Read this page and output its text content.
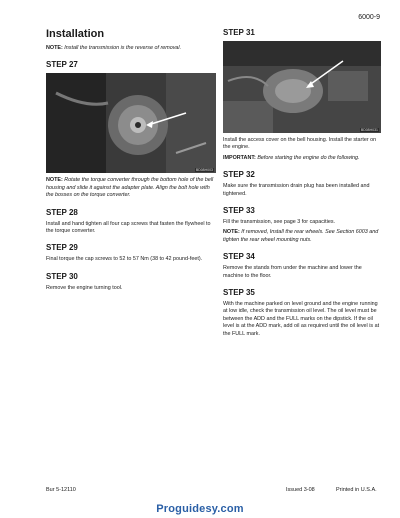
6000-9
Installation

NOTE: Install the transmission is the reverse of removal.

STEP 27
BD08H003

NOTE: Rotate the torque converter through the bottom hole of the bell housing and slide it against the adapter plate. Align the bolt hole with the bosses on the torque converter.

STEP 28

Install and hand tighten all four cap screws that fasten the flywheel to the torque converter.

STEP 29

Final torque the cap screws to 52 to 57 Nm (38 to 42 pound-feet).

STEP 30

Remove the engine turning tool.

STEP 31
BD08H031

Install the access cover on the bell housing. Install the starter on the engine.

IMPORTANT: Before starting the engine do the following.

STEP 32

Make sure the transmission drain plug has been installed and tightened.

STEP 33

Fill the transmission, see page 3 for capacities.

NOTE: If removed, Install the rear wheels. See Section 6003 and tighten the rear wheel mounting nuts.

STEP 34

Remove the stands from under the machine and lower the machine to the floor.

STEP 35

With the machine parked on level ground and the engine running at low idle, check the transmission oil level. The oil level must be between the ADD and the FULL marks on the dipstick. If the oil level is at the ADD mark, add oil as required until the oil level is at the FULL mark.

Bur 5-12110	Issued 3-08	Printed in U.S.A.
Proguidesy.com
